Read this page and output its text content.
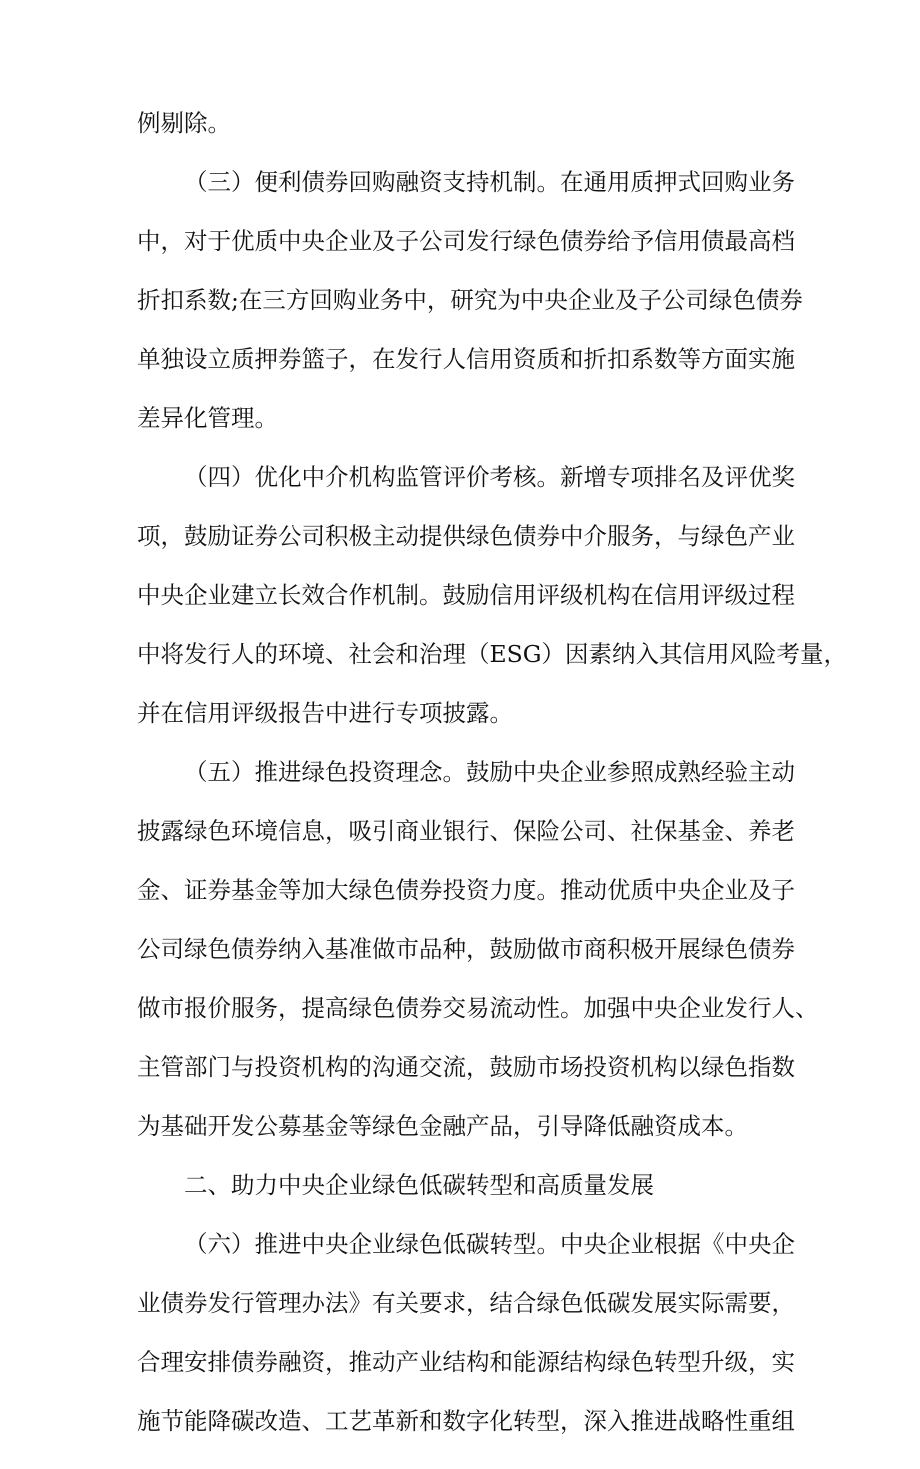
例剔除。
（三）便利债券回购融资支持机制。在通用质押式回购业务
中，对于优质中央企业及子公司发行绿色债券给予信用债最高档
折扣系数;在三方回购业务中，研究为中央企业及子公司绿色债券
单独设立质押券篮子，在发行人信用资质和折扣系数等方面实施
差异化管理。
（四）优化中介机构监管评价考核。新增专项排名及评优奖
项，鼓励证券公司积极主动提供绿色债券中介服务，与绿色产业
中央企业建立长效合作机制。鼓励信用评级机构在信用评级过程
中将发行人的环境、社会和治理（ESG）因素纳入其信用风险考量，
并在信用评级报告中进行专项披露。
（五）推进绿色投资理念。鼓励中央企业参照成熟经验主动
披露绿色环境信息，吸引商业银行、保险公司、社保基金、养老
金、证券基金等加大绿色债券投资力度。推动优质中央企业及子
公司绿色债券纳入基准做市品种，鼓励做市商积极开展绿色债券
做市报价服务，提高绿色债券交易流动性。加强中央企业发行人、
主管部门与投资机构的沟通交流，鼓励市场投资机构以绿色指数
为基础开发公募基金等绿色金融产品，引导降低融资成本。
二、助力中央企业绿色低碳转型和高质量发展
（六）推进中央企业绿色低碳转型。中央企业根据《中央企
业债券发行管理办法》有关要求，结合绿色低碳发展实际需要，
合理安排债券融资，推动产业结构和能源结构绿色转型升级，实
施节能降碳改造、工艺革新和数字化转型，深入推进战略性重组
